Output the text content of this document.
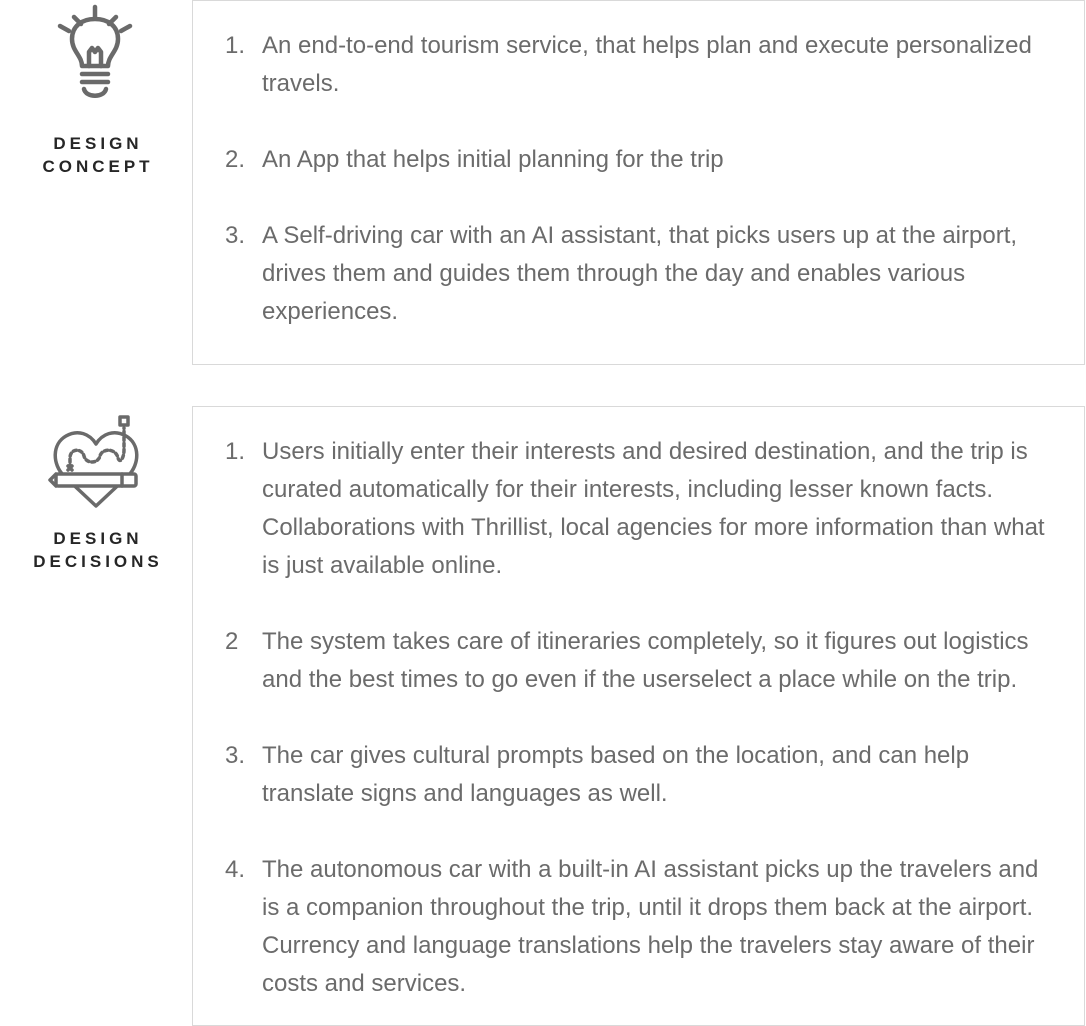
DESIGN
CONCEPT
1. An end-to-end tourism service, that helps plan and execute personalized travels.
2. An App that helps initial planning for the trip
3. A Self-driving car with an AI assistant, that picks users up at the airport, drives them and guides them through the day and enables various experiences.
DESIGN
DECISIONS
1. Users initially enter their interests and desired destination, and the trip is curated automatically for their interests, including lesser known facts. Collaborations with Thrillist, local agencies for more information than what is just available online.
2 The system takes care of itineraries completely, so it figures out logistics and the best times to go even if the userselect a place while on the trip.
3. The car gives cultural prompts based on the location, and can help translate signs and languages as well.
4. The autonomous car with a built-in AI assistant picks up the travelers and is a companion throughout the trip, until it drops them back at the airport. Currency and language translations help the travelers stay aware of their costs and services.
